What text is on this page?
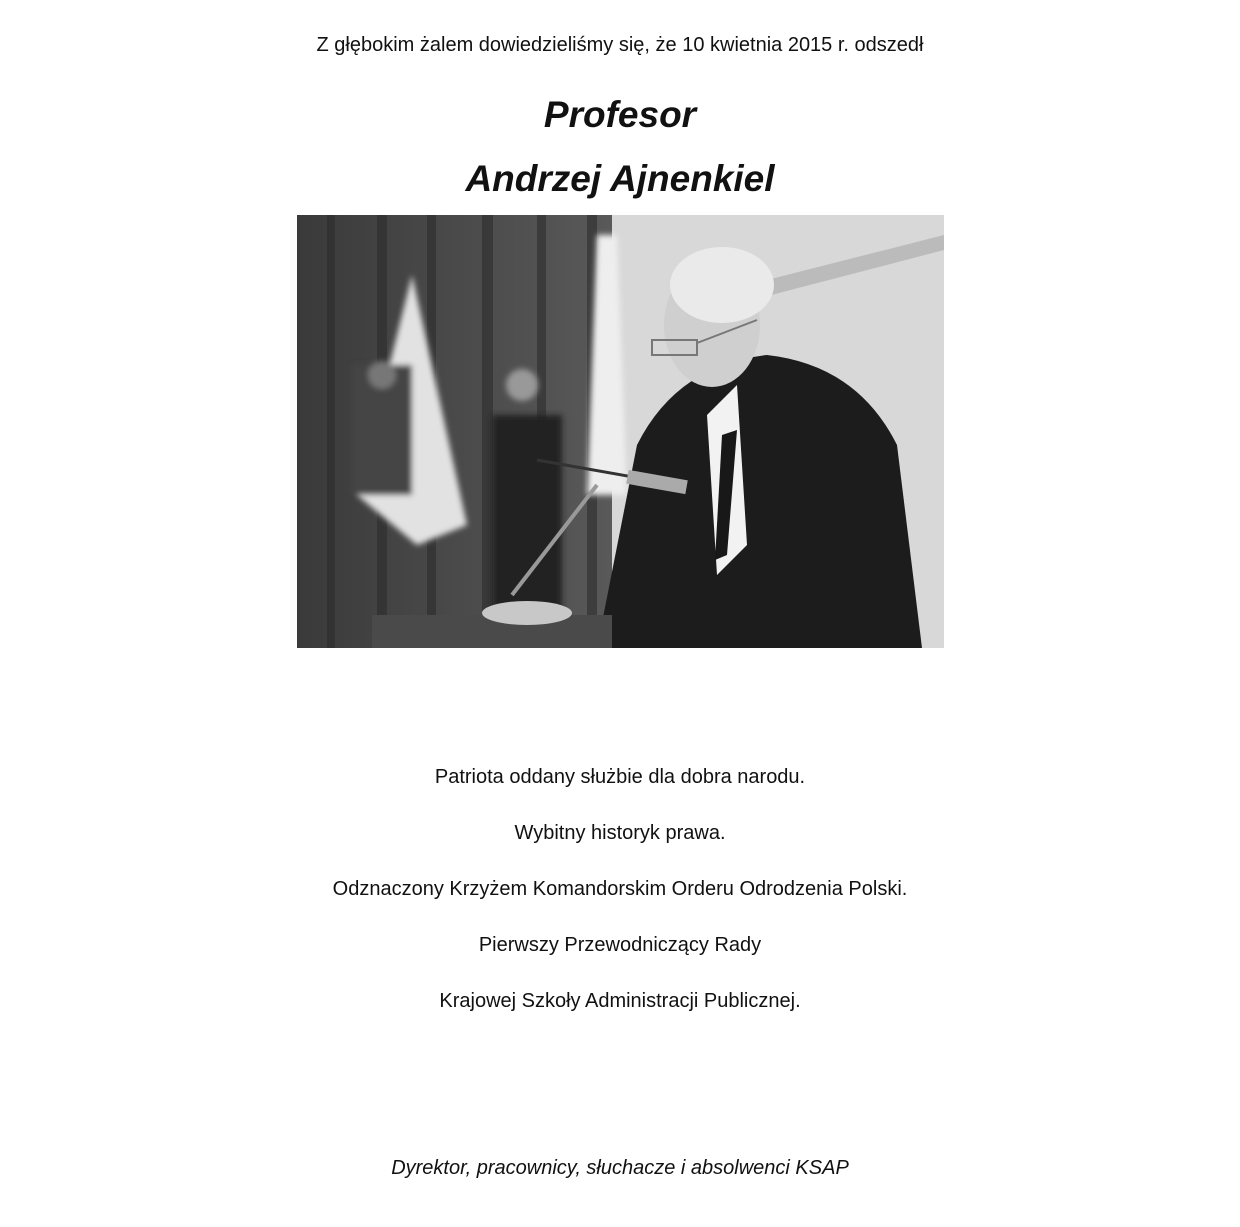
Z głębokim żalem dowiedzieliśmy się, że 10 kwietnia 2015 r. odszedł
Profesor
Andrzej Ajnenkiel
Patriota oddany służbie dla dobra narodu.
Wybitny historyk prawa.
Odznaczony Krzyżem Komandorskim Orderu Odrodzenia Polski.
Pierwszy Przewodniczący Rady
Krajowej Szkoły Administracji Publicznej.
Dyrektor, pracownicy, słuchacze i absolwenci KSAP
